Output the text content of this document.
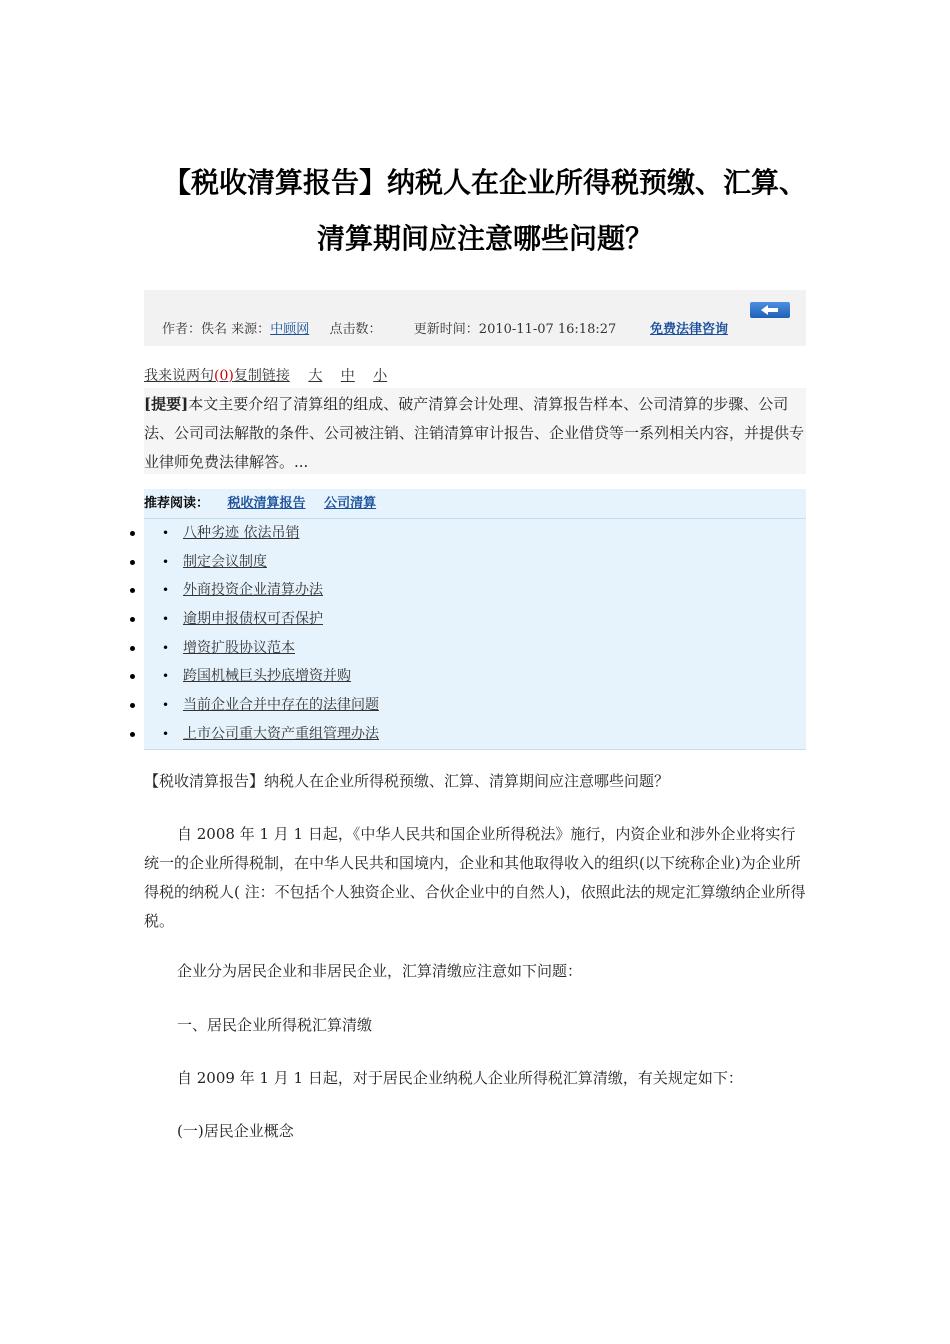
【税收清算报告】纳税人在企业所得税预缴、汇算、
清算期间应注意哪些问题？
作者：佚名 来源：中顾网 点击数： 更新时间：2010-11-07 16:18:27	免费法律咨询
我来说两句(0)复制链接 大 中 小
[提要]本文主要介绍了清算组的组成、破产清算会计处理、清算报告样本、公司清算的步骤、公司法、公司司法解散的条件、公司被注销、注销清算审计报告、企业借贷等一系列相关内容，并提供专业律师免费法律解答。...
推荐阅读： 税收清算报告 公司清算
• 八种劣迹 依法吊销
• 制定会议制度
• 外商投资企业清算办法
• 逾期申报债权可否保护
• 增资扩股协议范本
• 跨国机械巨头抄底增资并购
• 当前企业合并中存在的法律问题
• 上市公司重大资产重组管理办法
【税收清算报告】纳税人在企业所得税预缴、汇算、清算期间应注意哪些问题？
自 2008 年 1 月 1 日起，《中华人民共和国企业所得税法》施行，内资企业和涉外企业将实行统一的企业所得税制，在中华人民共和国境内，企业和其他取得收入的组织(以下统称企业)为企业所得税的纳税人( 注：不包括个人独资企业、合伙企业中的自然人)，依照此法的规定汇算缴纳企业所得税。
企业分为居民企业和非居民企业，汇算清缴应注意如下问题：
一、居民企业所得税汇算清缴
自 2009 年 1 月 1 日起，对于居民企业纳税人企业所得税汇算清缴，有关规定如下：
(一)居民企业概念
